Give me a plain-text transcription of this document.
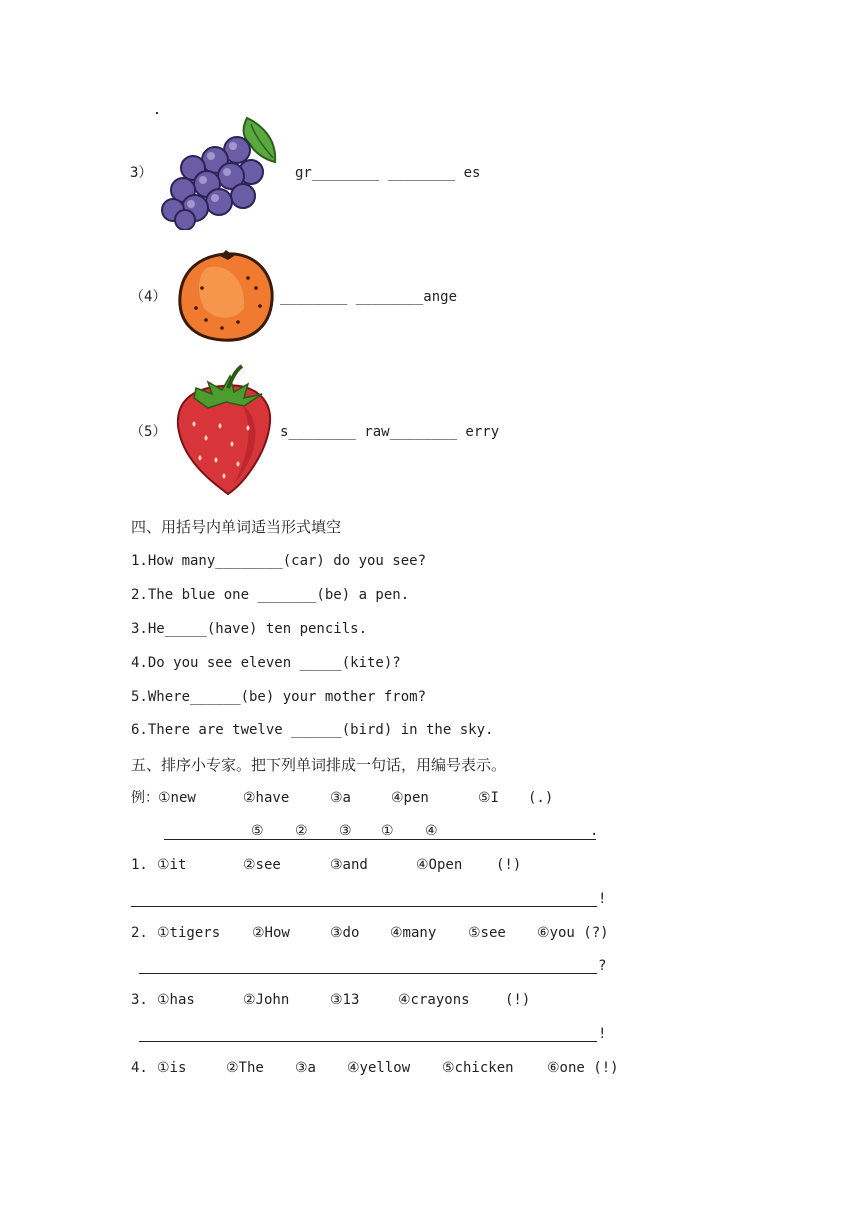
3）	gr________ ________ es
（4）	________ ________ange
（5）	s________ raw________ erry
四、用括号内单词适当形式填空
1.How many________(car) do you see?
2.The blue one _______(be) a pen.
3.He_____(have) ten pencils.
4.Do you see eleven _____(kite)?
5.Where______(be) your mother from?
6.There are twelve ______(bird) in the sky.
五、排序小专家。把下列单词排成一句话，用编号表示。
例： ①new	②have	③a	④pen	⑤I (.)
⑤ ② ③ ① ④	.
1. ①it	②see	③and	④Open (!)
!
2. ①tigers ②How	③do ④many ⑤see ⑥you (?)
?
3. ①has	②John	③13	④crayons	(!)
!
4. ①is	②The ③a ④yellow ⑤chicken ⑥one (!)
